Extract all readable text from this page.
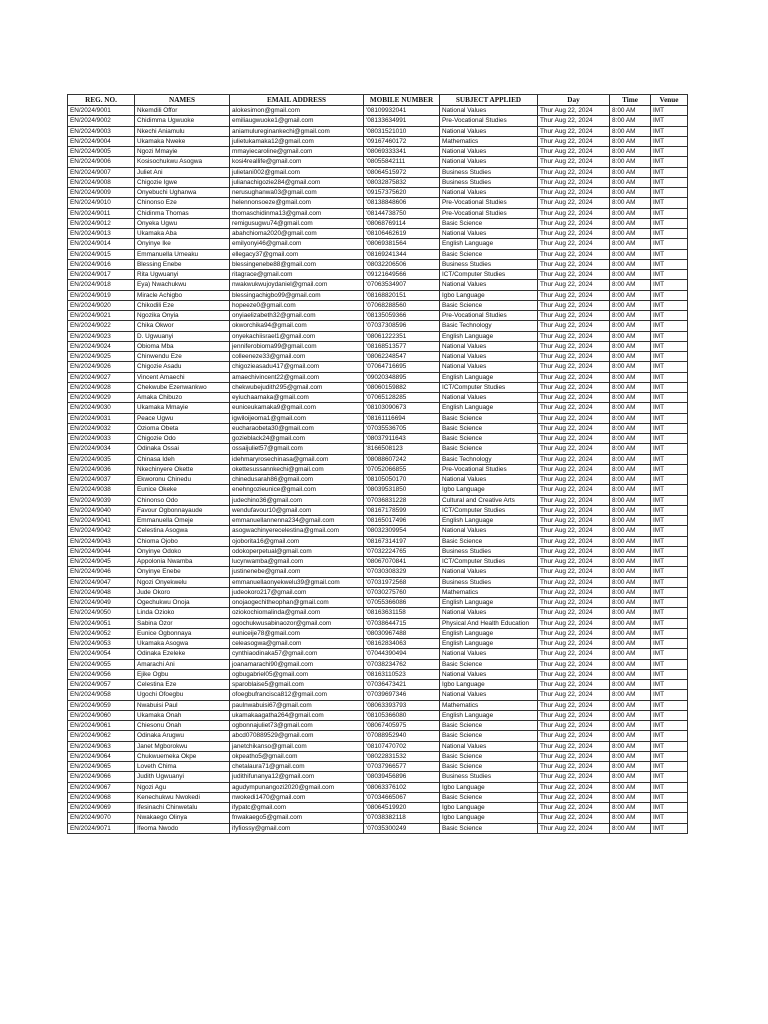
REG. NO.	NAMES	EMAIL ADDRESS	MOBILE NUMBER	SUBJECT APPLIED	Day	Time	Venue
EN/2024/9001	Nkemdili Offor	alokesimon@gmail.com	'08109932041	National Values	Thur Aug 22, 2024	8:00 AM	IMT
EN/2024/9002	Chidimma Ugwuoke	emiliaugwuoke1@gmail.com	'08133634991	Pre-Vocational Studies	Thur Aug 22, 2024	8:00 AM	IMT
EN/2024/9003	Nkechi Aniamulu	aniamulureginankechi@gmail.com	'08031521010	National Values	Thur Aug 22, 2024	8:00 AM	IMT
EN/2024/9004	Ukamaka Nweke	julietukamaka12@gmail.com	'09167460172	Mathematics	Thur Aug 22, 2024	8:00 AM	IMT
EN/2024/9005	Ngozi Mmayie	mmayiecaroline@gmail.com	'08069333341	National Values	Thur Aug 22, 2024	8:00 AM	IMT
EN/2024/9006	Kosisochukwu Asogwa	kosi4reallife@gmail.com	'08055842111	National Values	Thur Aug 22, 2024	8:00 AM	IMT
EN/2024/9007	Juliet Ani	julietani002@gmail.com	'08064515972	Business Studies	Thur Aug 22, 2024	8:00 AM	IMT
EN/2024/9008	Chigozie Igwe	julianachigozie284@gmail.com	'08032875832	Business Studies	Thur Aug 22, 2024	8:00 AM	IMT
EN/2024/9009	Onyebuchi Ughanwa	nerusughanwa03@gmail.com	'09157375620	National Values	Thur Aug 22, 2024	8:00 AM	IMT
EN/2024/9010	Chinonso Eze	helennonsoeze@gmail.com	'08138848606	Pre-Vocational Studies	Thur Aug 22, 2024	8:00 AM	IMT
EN/2024/9011	Chidinma Thomas	thomaschidinma13@gmail.com	'08144738750	Pre-Vocational Studies	Thur Aug 22, 2024	8:00 AM	IMT
EN/2024/9012	Onyeka Ugwu	remigusugwu74@gmail.com	'08068769114	Basic Science	Thur Aug 22, 2024	8:00 AM	IMT
EN/2024/9013	Ukamaka Aba	abahchioma2020@gmail.com	'08106462619	National Values	Thur Aug 22, 2024	8:00 AM	IMT
EN/2024/9014	Onyinye Ike	emilyonyi46@gmail.com	'08069381564	English Language	Thur Aug 22, 2024	8:00 AM	IMT
EN/2024/9015	Emmanuella Umeaku	ellegacy37@gmail.com	'08169241344	Basic Science	Thur Aug 22, 2024	8:00 AM	IMT
EN/2024/9016	Blessing Enebe	blessingenebe88@gmail.com	'08032206506	Business Studies	Thur Aug 22, 2024	8:00 AM	IMT
EN/2024/9017	Rita Ugwuanyi	ritagrace@gmail.com	'09121649566	ICT/Computer Studies	Thur Aug 22, 2024	8:00 AM	IMT
EN/2024/9018	Eya) Nwachukwu	nwakwukwujoydaniel@gmail.com	'07063534907	National Values	Thur Aug 22, 2024	8:00 AM	IMT
EN/2024/9019	Miracle Achigbo	blessingachigbo99@gmail.com	'08168820151	Igbo Language	Thur Aug 22, 2024	8:00 AM	IMT
EN/2024/9020	Chikodili Eze	hopeeze0@gmail.com	'07068288560	Basic Science	Thur Aug 22, 2024	8:00 AM	IMT
EN/2024/9021	Ngozika Onyia	onyiaelizabeth32@gmail.com	'08135059366	Pre-Vocational Studies	Thur Aug 22, 2024	8:00 AM	IMT
EN/2024/9022	Chika Okwor	okworchika94@gmail.com	'07037308596	Basic Technology	Thur Aug 22, 2024	8:00 AM	IMT
EN/2024/9023	D. Ugwuanyi	onyekachiisrael1@gmail.com	'08061222351	English Language	Thur Aug 22, 2024	8:00 AM	IMT
EN/2024/9024	Obioma Mba	jenniferobioma99@gmail.com	'08168513577	National Values	Thur Aug 22, 2024	8:00 AM	IMT
EN/2024/9025	Chinwendu Eze	colleeneze33@gmail.com	'08062248547	National Values	Thur Aug 22, 2024	8:00 AM	IMT
EN/2024/9026	Chigozie Asadu	chigozieasadu417@gmail.com	'07064716695	National Values	Thur Aug 22, 2024	8:00 AM	IMT
EN/2024/9027	Vincent Amaechi	amaechivincent22@gmail.com	'09020348895	English Language	Thur Aug 22, 2024	8:00 AM	IMT
EN/2024/9028	Chekwube Ezenwankwo	chekwubejudith295@gmail.com	'08060159882	ICT/Computer Studies	Thur Aug 22, 2024	8:00 AM	IMT
EN/2024/9029	Amaka Chibuzo	eyiuchaamaka@gmail.com	'07065128285	National Values	Thur Aug 22, 2024	8:00 AM	IMT
EN/2024/9030	Ukamaka Mmayie	euniceukamaka9@gmail.com	'08103090673	English Language	Thur Aug 22, 2024	8:00 AM	IMT
EN/2024/9031	Peace Ugwu	igwiloijeoma1@gmail.com	'08161116694	Basic Science	Thur Aug 22, 2024	8:00 AM	IMT
EN/2024/9032	Ozioma Obeta	eucharaobeta30@gmail.com	'07035536705	Basic Science	Thur Aug 22, 2024	8:00 AM	IMT
EN/2024/9033	Chigozie Odo	gozieblack24@gmail.com	'08037911643	Basic Science	Thur Aug 22, 2024	8:00 AM	IMT
EN/2024/9034	Odinaka Ossai	ossaijuliet57@gmail.com	'8166508123	Basic Science	Thur Aug 22, 2024	8:00 AM	IMT
EN/2024/9035	Chinasa Ideh	idehmaryrosechinasa@gmail.com	'08088607242	Basic Technology	Thur Aug 22, 2024	8:00 AM	IMT
EN/2024/9036	Nkechinyere Okette	okettesussannkechi@gmail.com	'07052066855	Pre-Vocational Studies	Thur Aug 22, 2024	8:00 AM	IMT
EN/2024/9037	Ekworonu Chinedu	chinedusarah86@gmail.com	'08105050170	National Values	Thur Aug 22, 2024	8:00 AM	IMT
EN/2024/9038	Eunice Okeke	enehngozieunice@gmail.com	'08039531850	Igbo Language	Thur Aug 22, 2024	8:00 AM	IMT
EN/2024/9039	Chinonso Odo	judechino36@gmail.com	'07036831228	Cultural and Creative Arts	Thur Aug 22, 2024	8:00 AM	IMT
EN/2024/9040	Favour Ogbonnayaude	wendufavour10@gmail.com	'08167178599	ICT/Computer Studies	Thur Aug 22, 2024	8:00 AM	IMT
EN/2024/9041	Emmanuella Omeje	emmanuellannenna234@gmail.com	'08165017496	English Language	Thur Aug 22, 2024	8:00 AM	IMT
EN/2024/9042	Celestina Asogwa	asogwachinyerecelestina@gmail.com	'08032309954	National Values	Thur Aug 22, 2024	8:00 AM	IMT
EN/2024/9043	Chioma Ojobo	ojoborita16@gmail.com	'08167314197	Basic Science	Thur Aug 22, 2024	8:00 AM	IMT
EN/2024/9044	Onyinye Odoko	odokoperpetual@gmail.com	'07032224765	Business Studies	Thur Aug 22, 2024	8:00 AM	IMT
EN/2024/9045	Appolonia Nwamba	lucynwamba@gmail.com	'08067070841	ICT/Computer Studies	Thur Aug 22, 2024	8:00 AM	IMT
EN/2024/9046	Onyinye Enebe	justinenebe@gmail.com	'07030308329	National Values	Thur Aug 22, 2024	8:00 AM	IMT
EN/2024/9047	Ngozi Onyekwelu	emmanuellaonyekwelu39@gmail.com	'07031972568	Business Studies	Thur Aug 22, 2024	8:00 AM	IMT
EN/2024/9048	Jude Okoro	judeokoro217@gmail.com	'07030275760	Mathematics	Thur Aug 22, 2024	8:00 AM	IMT
EN/2024/9049	Ogechukwu Onoja	onojaogechitheophan@gmail.com	'07055366086	English Language	Thur Aug 22, 2024	8:00 AM	IMT
EN/2024/9050	Linda Ozioko	oziokochiomalinda@gmail.com	'08163631158	National Values	Thur Aug 22, 2024	8:00 AM	IMT
EN/2024/9051	Sabina Ozor	ogochukwusabinaozor@gmail.com	'07038644715	Physical And Health Education	Thur Aug 22, 2024	8:00 AM	IMT
EN/2024/9052	Eunice Ogbonnaya	euniceije78@gmail.com	'08030967488	English Language	Thur Aug 22, 2024	8:00 AM	IMT
EN/2024/9053	Ukamaka Asogwa	celeasogwa@gmail.com	'08162834063	English Language	Thur Aug 22, 2024	8:00 AM	IMT
EN/2024/9054	Odinaka Ezeleke	cynthiaodinaka57@gmail.com	'07044390494	National Values	Thur Aug 22, 2024	8:00 AM	IMT
EN/2024/9055	Amarachi Ani	joanamarachi90@gmail.com	'07038234762	Basic Science	Thur Aug 22, 2024	8:00 AM	IMT
EN/2024/9056	Ejike Ogbu	ogbugabriel05@gmail.com	'08163110523	National Values	Thur Aug 22, 2024	8:00 AM	IMT
EN/2024/9057	Celestina Eze	sparoblaise5@gmail.com	'07036473421	Igbo Language	Thur Aug 22, 2024	8:00 AM	IMT
EN/2024/9058	Ugochi Ofoegbu	ofoegbufrancisca812@gmail.com	'07039697346	National Values	Thur Aug 22, 2024	8:00 AM	IMT
EN/2024/9059	Nwabuisi Paul	paulnwabuisi67@gmail.com	'08063393793	Mathematics	Thur Aug 22, 2024	8:00 AM	IMT
EN/2024/9060	Ukamaka Onah	ukamakaagatha264@gmail.com	'08105366080	English Language	Thur Aug 22, 2024	8:00 AM	IMT
EN/2024/9061	Chiesonu Onah	ogbonnajuliet73@gmail.com	'08067405975	Basic Science	Thur Aug 22, 2024	8:00 AM	IMT
EN/2024/9062	Odinaka Arugwu	abcd070889529@gmail.com	'07088952940	Basic Science	Thur Aug 22, 2024	8:00 AM	IMT
EN/2024/9063	Janet Mgborokwu	janetchikanso@gmail.com	'08107470702	National Values	Thur Aug 22, 2024	8:00 AM	IMT
EN/2024/9064	Chukwuemeka Okpe	okpeatho5@gmail.com	'08022831532	Basic Science	Thur Aug 22, 2024	8:00 AM	IMT
EN/2024/9065	Loveth Chima	chetalaura71@gmail.com	'07037966577	Basic Science	Thur Aug 22, 2024	8:00 AM	IMT
EN/2024/9066	Judith Ugwuanyi	judithifunanya12@gmail.com	'08039456896	Business Studies	Thur Aug 22, 2024	8:00 AM	IMT
EN/2024/9067	Ngozi Agu	agudympunangozi2020@gmail.com	'08063376102	Igbo Language	Thur Aug 22, 2024	8:00 AM	IMT
EN/2024/9068	Kenechukwu Nwokedi	nwokedi1470@gmail.com	'07034665067	Basic Science	Thur Aug 22, 2024	8:00 AM	IMT
EN/2024/9069	Ifesinachi Chinwetalu	ifypatc@gmail.com	'08064519920	Igbo Language	Thur Aug 22, 2024	8:00 AM	IMT
EN/2024/9070	Nwakaego Olinya	fnwakaego5@gmail.com	'07038382118	Igbo Language	Thur Aug 22, 2024	8:00 AM	IMT
EN/2024/9071	Ifeoma Nwodo	ifyfiossy@gmail.com	'07035300249	Basic Science	Thur Aug 22, 2024	8:00 AM	IMT
